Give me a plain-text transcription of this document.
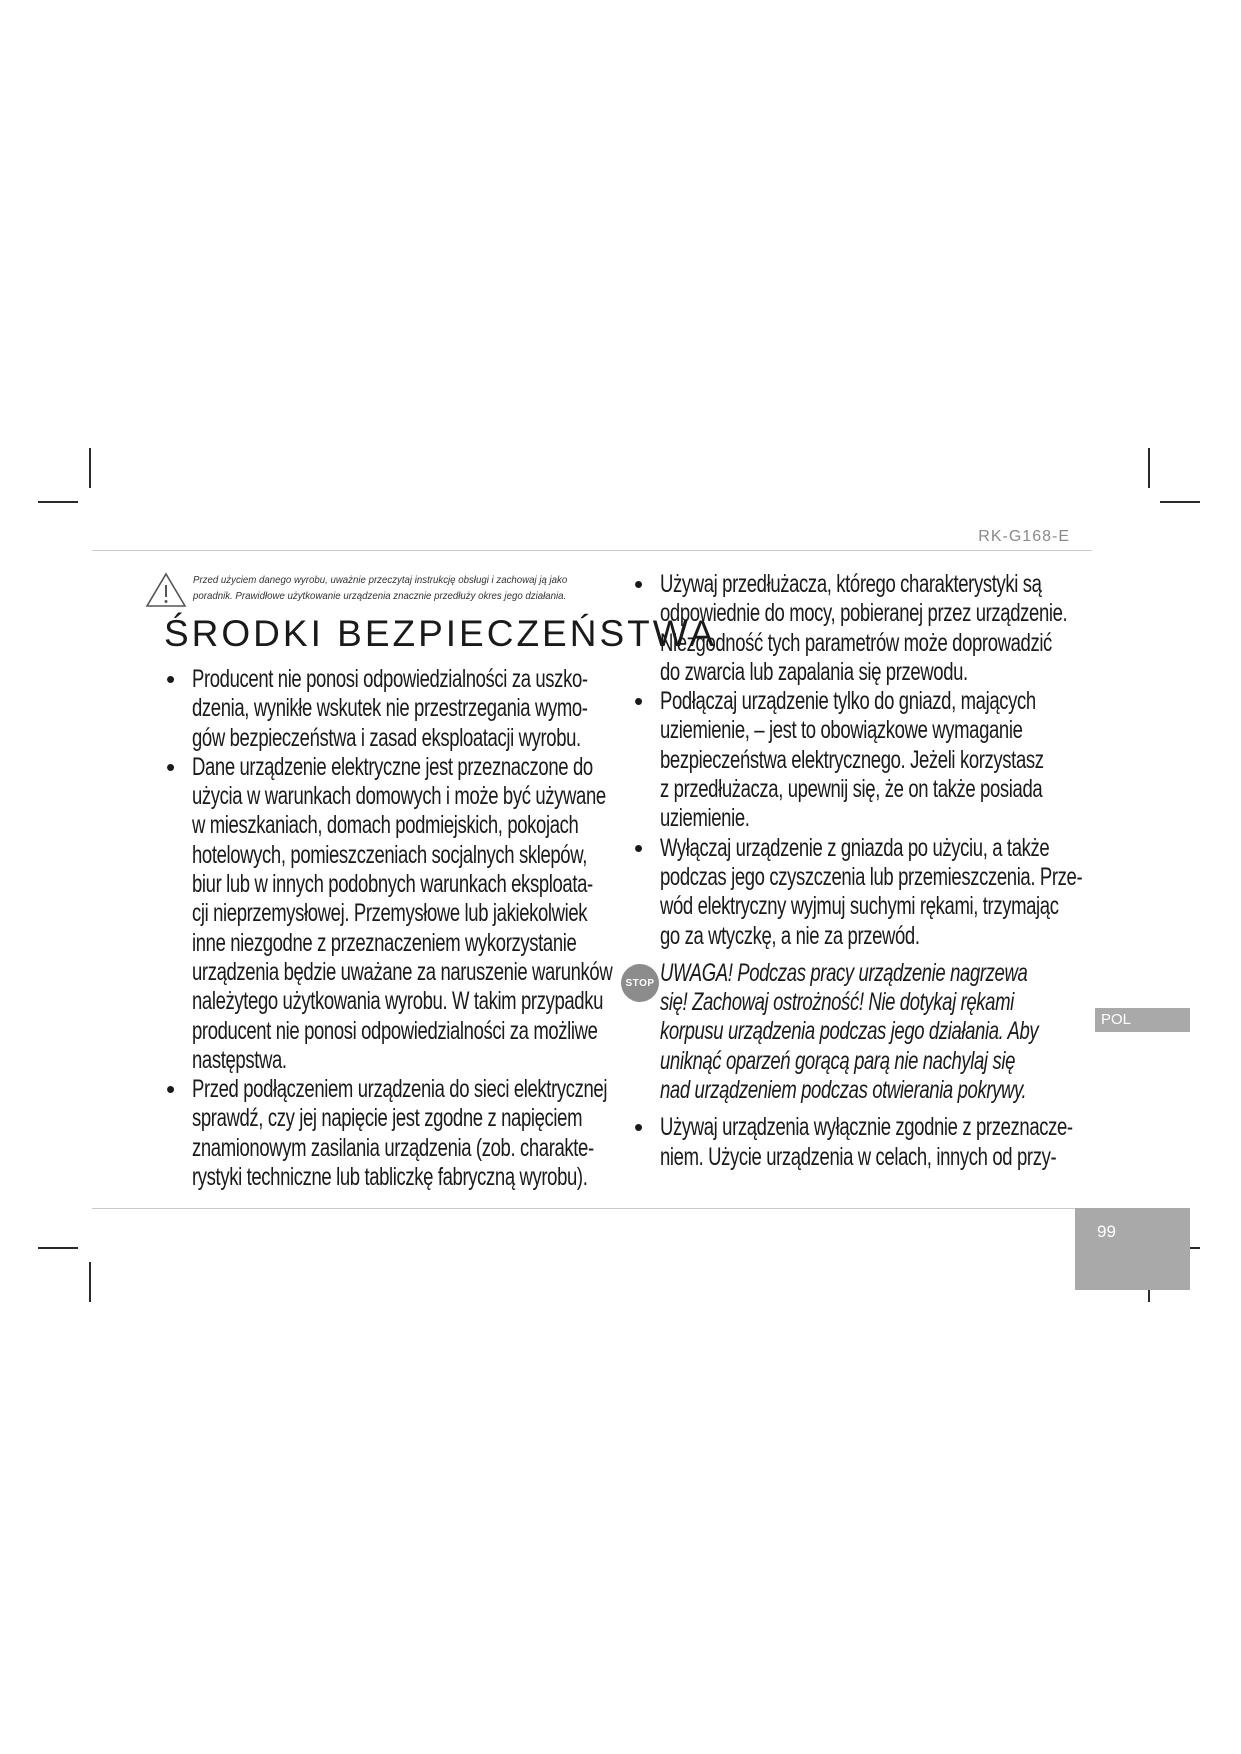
RK-G168-E
Przed użyciem danego wyrobu, uważnie przeczytaj instrukcję obsługi i zachowaj ją jako
poradnik. Prawidłowe użytkowanie urządzenia znacznie przedłuży okres jego działania.
ŚRODKI BEZPIECZEŃSTWA
• Producent nie ponosi odpowiedzialności za uszko-
dzenia, wynikłe wskutek nie przestrzegania wymo-
gów bezpieczeństwa i zasad eksploatacji wyrobu.
• Dane urządzenie elektryczne jest przeznaczone do
użycia w warunkach domowych i może być używane
w mieszkaniach, domach podmiejskich, pokojach
hotelowych, pomieszczeniach socjalnych sklepów,
biur lub w innych podobnych warunkach eksploata-
cji nieprzemysłowej. Przemysłowe lub jakiekolwiek
inne niezgodne z przeznaczeniem wykorzystanie
urządzenia będzie uważane za naruszenie warunków
należytego użytkowania wyrobu. W takim przypadku
producent nie ponosi odpowiedzialności za możliwe
następstwa.
• Przed podłączeniem urządzenia do sieci elektrycznej
sprawdź, czy jej napięcie jest zgodne z napięciem
znamionowym zasilania urządzenia (zob. charakte-
rystyki techniczne lub tabliczkę fabryczną wyrobu).
• Używaj przedłużacza, którego charakterystyki są
odpowiednie do mocy, pobieranej przez urządzenie.
Niezgodność tych parametrów może doprowadzić
do zwarcia lub zapalania się przewodu.
• Podłączaj urządzenie tylko do gniazd, mających
uziemienie, – jest to obowiązkowe wymaganie
bezpieczeństwa elektrycznego. Jeżeli korzystasz
z przedłużacza, upewnij się, że on także posiada
uziemienie.
• Wyłączaj urządzenie z gniazda po użyciu, a także
podczas jego czyszczenia lub przemieszczenia. Prze-
wód elektryczny wyjmuj suchymi rękami, trzymając
go za wtyczkę, a nie za przewód.
UWAGA! Podczas pracy urządzenie nagrzewa
się! Zachowaj ostrożność! Nie dotykaj rękami
korpusu urządzenia podczas jego działania. Aby
uniknąć oparzeń gorącą parą nie nachylaj się
nad urządzeniem podczas otwierania pokrywy.
• Używaj urządzenia wyłącznie zgodnie z przeznacze-
niem. Użycie urządzenia w celach, innych od przy-
STOP
POL
99
